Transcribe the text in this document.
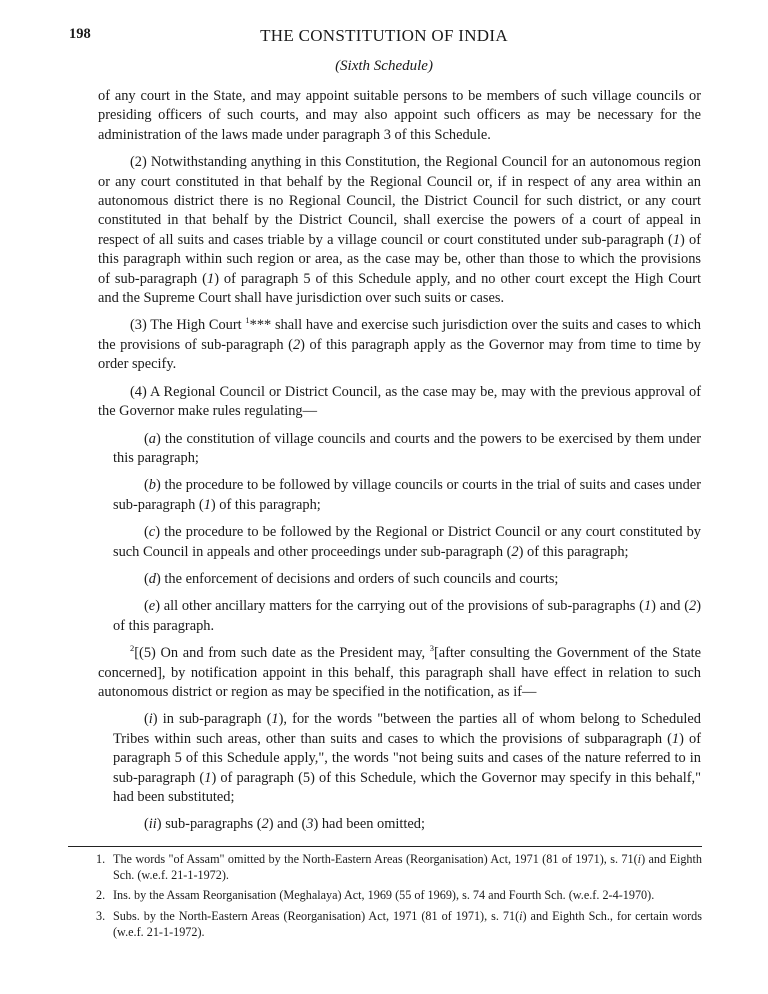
198	THE CONSTITUTION OF INDIA
(Sixth Schedule)

of any court in the State, and may appoint suitable persons to be members of such village councils or presiding officers of such courts, and may also appoint such officers as may be necessary for the administration of the laws made under paragraph 3 of this Schedule.

(2) Notwithstanding anything in this Constitution, the Regional Council for an autonomous region or any court constituted in that behalf by the Regional Council or, if in respect of any area within an autonomous district there is no Regional Council, the District Council for such district, or any court constituted in that behalf by the District Council, shall exercise the powers of a court of appeal in respect of all suits and cases triable by a village council or court constituted under sub-paragraph (1) of this paragraph within such region or area, as the case may be, other than those to which the provisions of sub-paragraph (1) of paragraph 5 of this Schedule apply, and no other court except the High Court and the Supreme Court shall have jurisdiction over such suits or cases.

(3) The High Court $^1$*** shall have and exercise such jurisdiction over the suits and cases to which the provisions of sub-paragraph (2) of this paragraph apply as the Governor may from time to time by order specify.

(4) A Regional Council or District Council, as the case may be, may with the previous approval of the Governor make rules regulating—

(a) the constitution of village councils and courts and the powers to be exercised by them under this paragraph;

(b) the procedure to be followed by village councils or courts in the trial of suits and cases under sub-paragraph (1) of this paragraph;

(c) the procedure to be followed by the Regional or District Council or any court constituted by such Council in appeals and other proceedings under sub-paragraph (2) of this paragraph;

(d) the enforcement of decisions and orders of such councils and courts;

(e) all other ancillary matters for the carrying out of the provisions of sub-paragraphs (1) and (2) of this paragraph.

$^2$[(5) On and from such date as the President may, $^3$[after consulting the Government of the State concerned], by notification appoint in this behalf, this paragraph shall have effect in relation to such autonomous district or region as may be specified in the notification, as if—

(i) in sub-paragraph (1), for the words "between the parties all of whom belong to Scheduled Tribes within such areas, other than suits and cases to which the provisions of subparagraph (1) of paragraph 5 of this Schedule apply,", the words "not being suits and cases of the nature referred to in sub-paragraph (1) of paragraph (5) of this Schedule, which the Governor may specify in this behalf," had been substituted;

(ii) sub-paragraphs (2) and (3) had been omitted;

1. The words "of Assam" omitted by the North-Eastern Areas (Reorganisation) Act, 1971 (81 of 1971), s. 71(i) and Eighth Sch. (w.e.f. 21-1-1972).
2. Ins. by the Assam Reorganisation (Meghalaya) Act, 1969 (55 of 1969), s. 74 and Fourth Sch. (w.e.f. 2-4-1970).
3. Subs. by the North-Eastern Areas (Reorganisation) Act, 1971 (81 of 1971), s. 71(i) and Eighth Sch., for certain words (w.e.f. 21-1-1972).
